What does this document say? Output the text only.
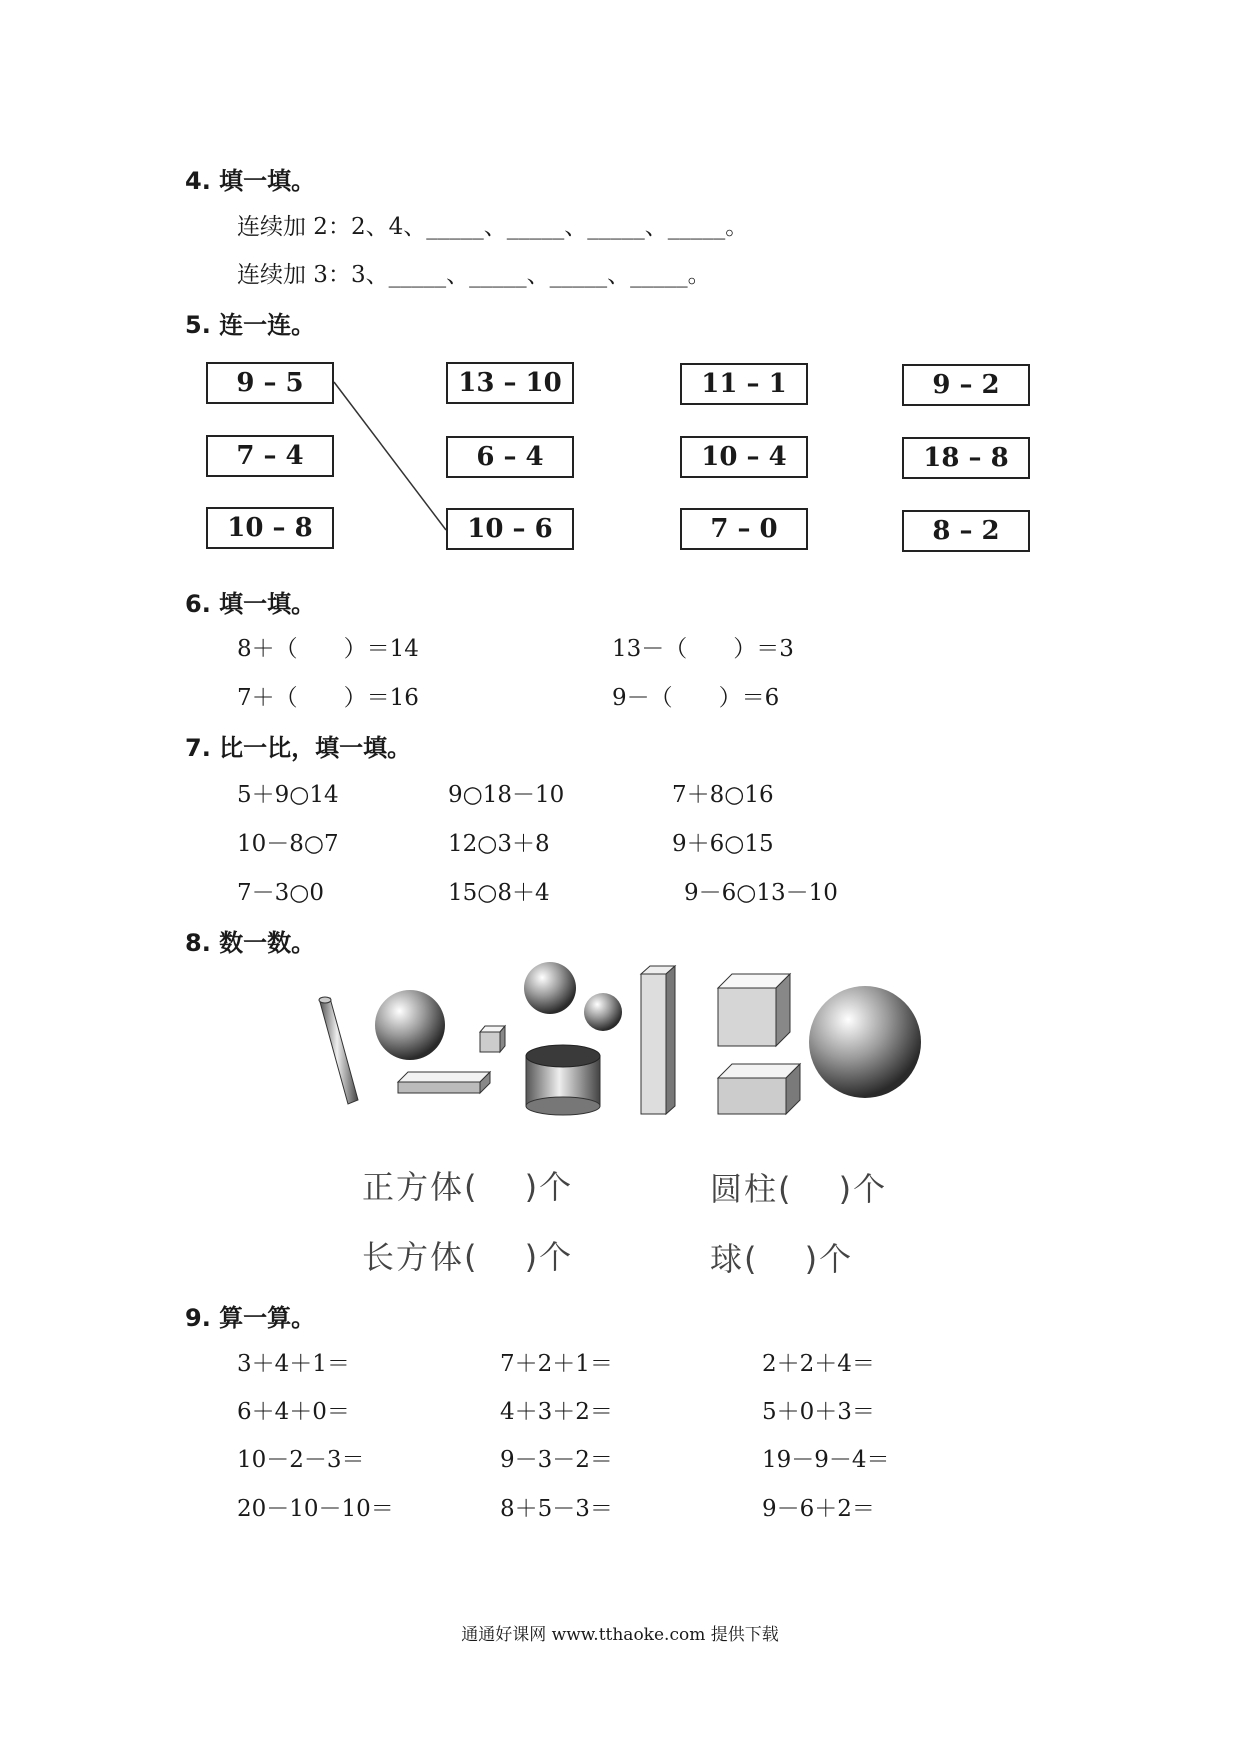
4. 填一填。
连续加 2：2、4、_____、_____、_____、_____。
连续加 3：3、_____、_____、_____、_____。
5. 连一连。
9 – 5	13 – 10	11 – 1	9 – 2
7 – 4	6 – 4	10 – 4	18 – 8
10 – 8	10 – 6	7 – 0	8 – 2
6. 填一填。
8＋（　　）＝14	13－（　　）＝3
7＋（　　）＝16	9－（　　）＝6
7. 比一比，填一填。
5＋9○14	9○18－10	7＋8○16
10－8○7	12○3＋8	9＋6○15
7－3○0	15○8＋4	9－6○13－10
8. 数一数。
正方体(　 )个	圆柱(　 )个
长方体(　 )个	球(　 )个
9. 算一算。
3＋4＋1＝	7＋2＋1＝	2＋2＋4＝
6＋4＋0＝	4＋3＋2＝	5＋0＋3＝
10－2－3＝	9－3－2＝	19－9－4＝
20－10－10＝	8＋5－3＝	9－6＋2＝
通通好课网 www.tthaoke.com 提供下载
